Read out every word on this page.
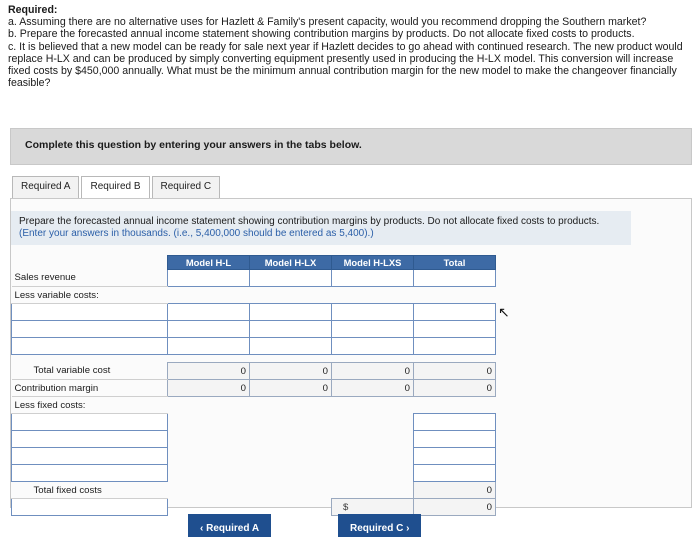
Required:

a. Assuming there are no alternative uses for Hazlett & Family's present capacity, would you recommend dropping the Southern market?

b. Prepare the forecasted annual income statement showing contribution margins by products. Do not allocate fixed costs to products.

c. It is believed that a new model can be ready for sale next year if Hazlett decides to go ahead with continued research. The new product would replace H-LX and can be produced by simply converting equipment presently used in producing the H-LX model. This conversion will increase fixed costs by $450,000 annually. What must be the minimum annual contribution margin for the new model to make the changeover financially feasible?

Complete this question by entering your answers in the tabs below.
Required A	Required B	Required C
Prepare the forecasted annual income statement showing contribution margins by products. Do not allocate fixed costs to products. (Enter your answers in thousands. (i.e., 5,400,000 should be entered as 5,400).)
	Model H-L	Model H-LX	Model H-LXS	Total
Sales revenue				
Less variable costs:				

Total variable cost	0	0	0	0
Contribution margin	0	0	0	0
Less fixed costs:				

Total fixed costs				0

			$	0
‹ Required A	Required C ›
↖
